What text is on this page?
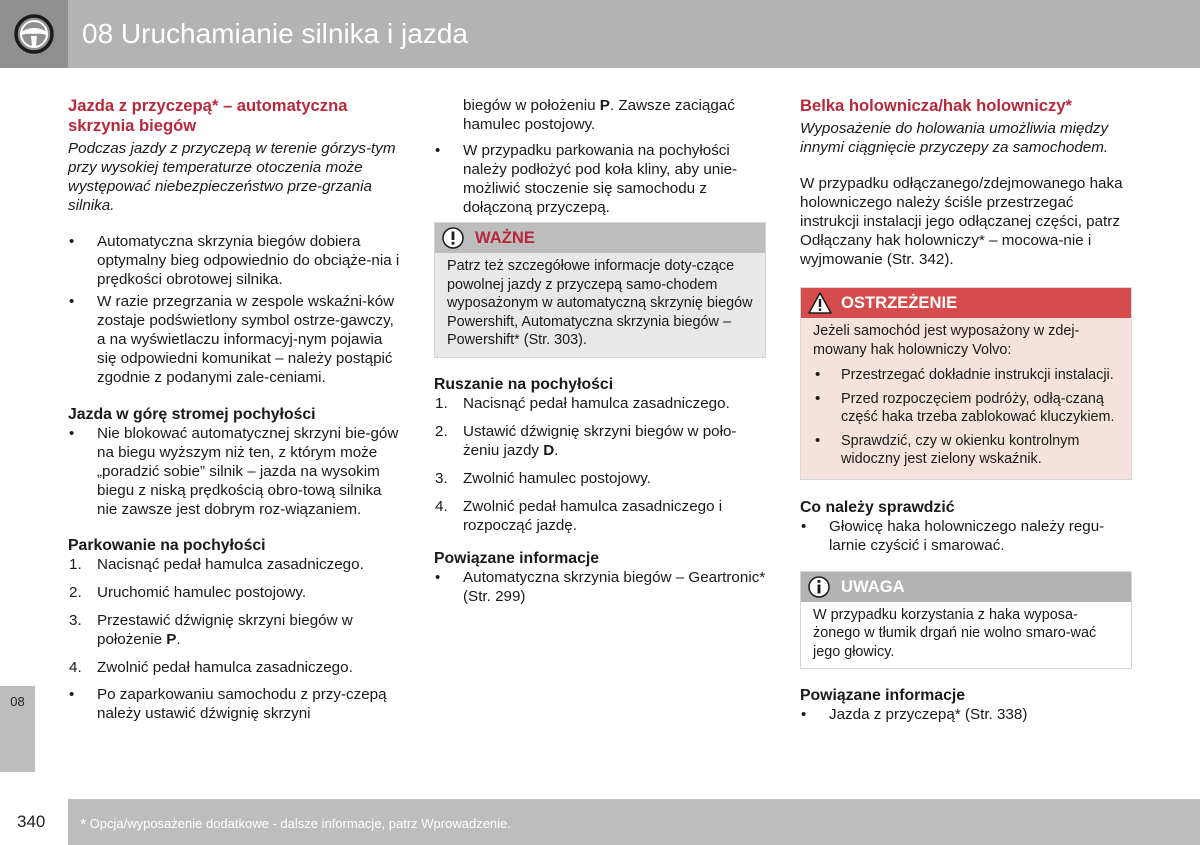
08 Uruchamianie silnika i jazda
Jazda z przyczepą* – automatyczna skrzynia biegów

Podczas jazdy z przyczepą w terenie górzys-tym przy wysokiej temperaturze otoczenia może występować niebezpieczeństwo prze-grzania silnika.

• Automatyczna skrzynia biegów dobiera optymalny bieg odpowiednio do obciąże-nia i prędkości obrotowej silnika.
• W razie przegrzania w zespole wskaźni-ków zostaje podświetlony symbol ostrze-gawczy, a na wyświetlaczu informacyj-nym pojawia się odpowiedni komunikat – należy postąpić zgodnie z podanymi zale-ceniami.
Jazda w górę stromej pochyłości
• Nie blokować automatycznej skrzyni bie-gów na biegu wyższym niż ten, z którym może „poradzić sobie” silnik – jazda na wysokim biegu z niską prędkością obro-tową silnika nie zawsze jest dobrym roz-wiązaniem.
Parkowanie na pochyłości
1. Nacisnąć pedał hamulca zasadniczego.
2. Uruchomić hamulec postojowy.
3. Przestawić dźwignię skrzyni biegów w położenie P.
4. Zwolnić pedał hamulca zasadniczego.
• Po zaparkowaniu samochodu z przy-czepą należy ustawić dźwignię skrzyni

biegów w położeniu P. Zawsze zaciągać hamulec postojowy.

• W przypadku parkowania na pochyłości należy podłożyć pod koła kliny, aby unie-możliwić stoczenie się samochodu z dołączoną przyczepą.
WAŻNE
Patrz też szczegółowe informacje doty-czące powolnej jazdy z przyczepą samo-chodem wyposażonym w automatyczną skrzynię biegów Powershift, Automatyczna skrzynia biegów – Powershift* (Str. 303).
Ruszanie na pochyłości
1. Nacisnąć pedał hamulca zasadniczego.
2. Ustawić dźwignię skrzyni biegów w poło-żeniu jazdy D.
3. Zwolnić hamulec postojowy.
4. Zwolnić pedał hamulca zasadniczego i rozpocząć jazdę.
Powiązane informacje
• Automatyczna skrzynia biegów – Geartronic* (Str. 299)
Belka holownicza/hak holowniczy*

Wyposażenie do holowania umożliwia między innymi ciągnięcie przyczepy za samochodem.

W przypadku odłączanego/zdejmowanego haka holowniczego należy ściśle przestrzegać instrukcji instalacji jego odłączanej części, patrz Odłączany hak holowniczy* – mocowa-nie i wyjmowanie (Str. 342).

OSTRZEŻENIE

Jeżeli samochód jest wyposażony w zdej-mowany hak holowniczy Volvo:

• Przestrzegać dokładnie instrukcji instalacji.
• Przed rozpoczęciem podróży, odłą-czaną część haka trzeba zablokować kluczykiem.
• Sprawdzić, czy w okienku kontrolnym widoczny jest zielony wskaźnik.
Co należy sprawdzić
• Głowicę haka holowniczego należy regu-larnie czyścić i smarować.
UWAGA
W przypadku korzystania z haka wyposa-żonego w tłumik drgań nie wolno smaro-wać jego głowicy.
Powiązane informacje
• Jazda z przyczepą* (Str. 338)
08
340 * Opcja/wyposażenie dodatkowe - dalsze informacje, patrz Wprowadzenie.
